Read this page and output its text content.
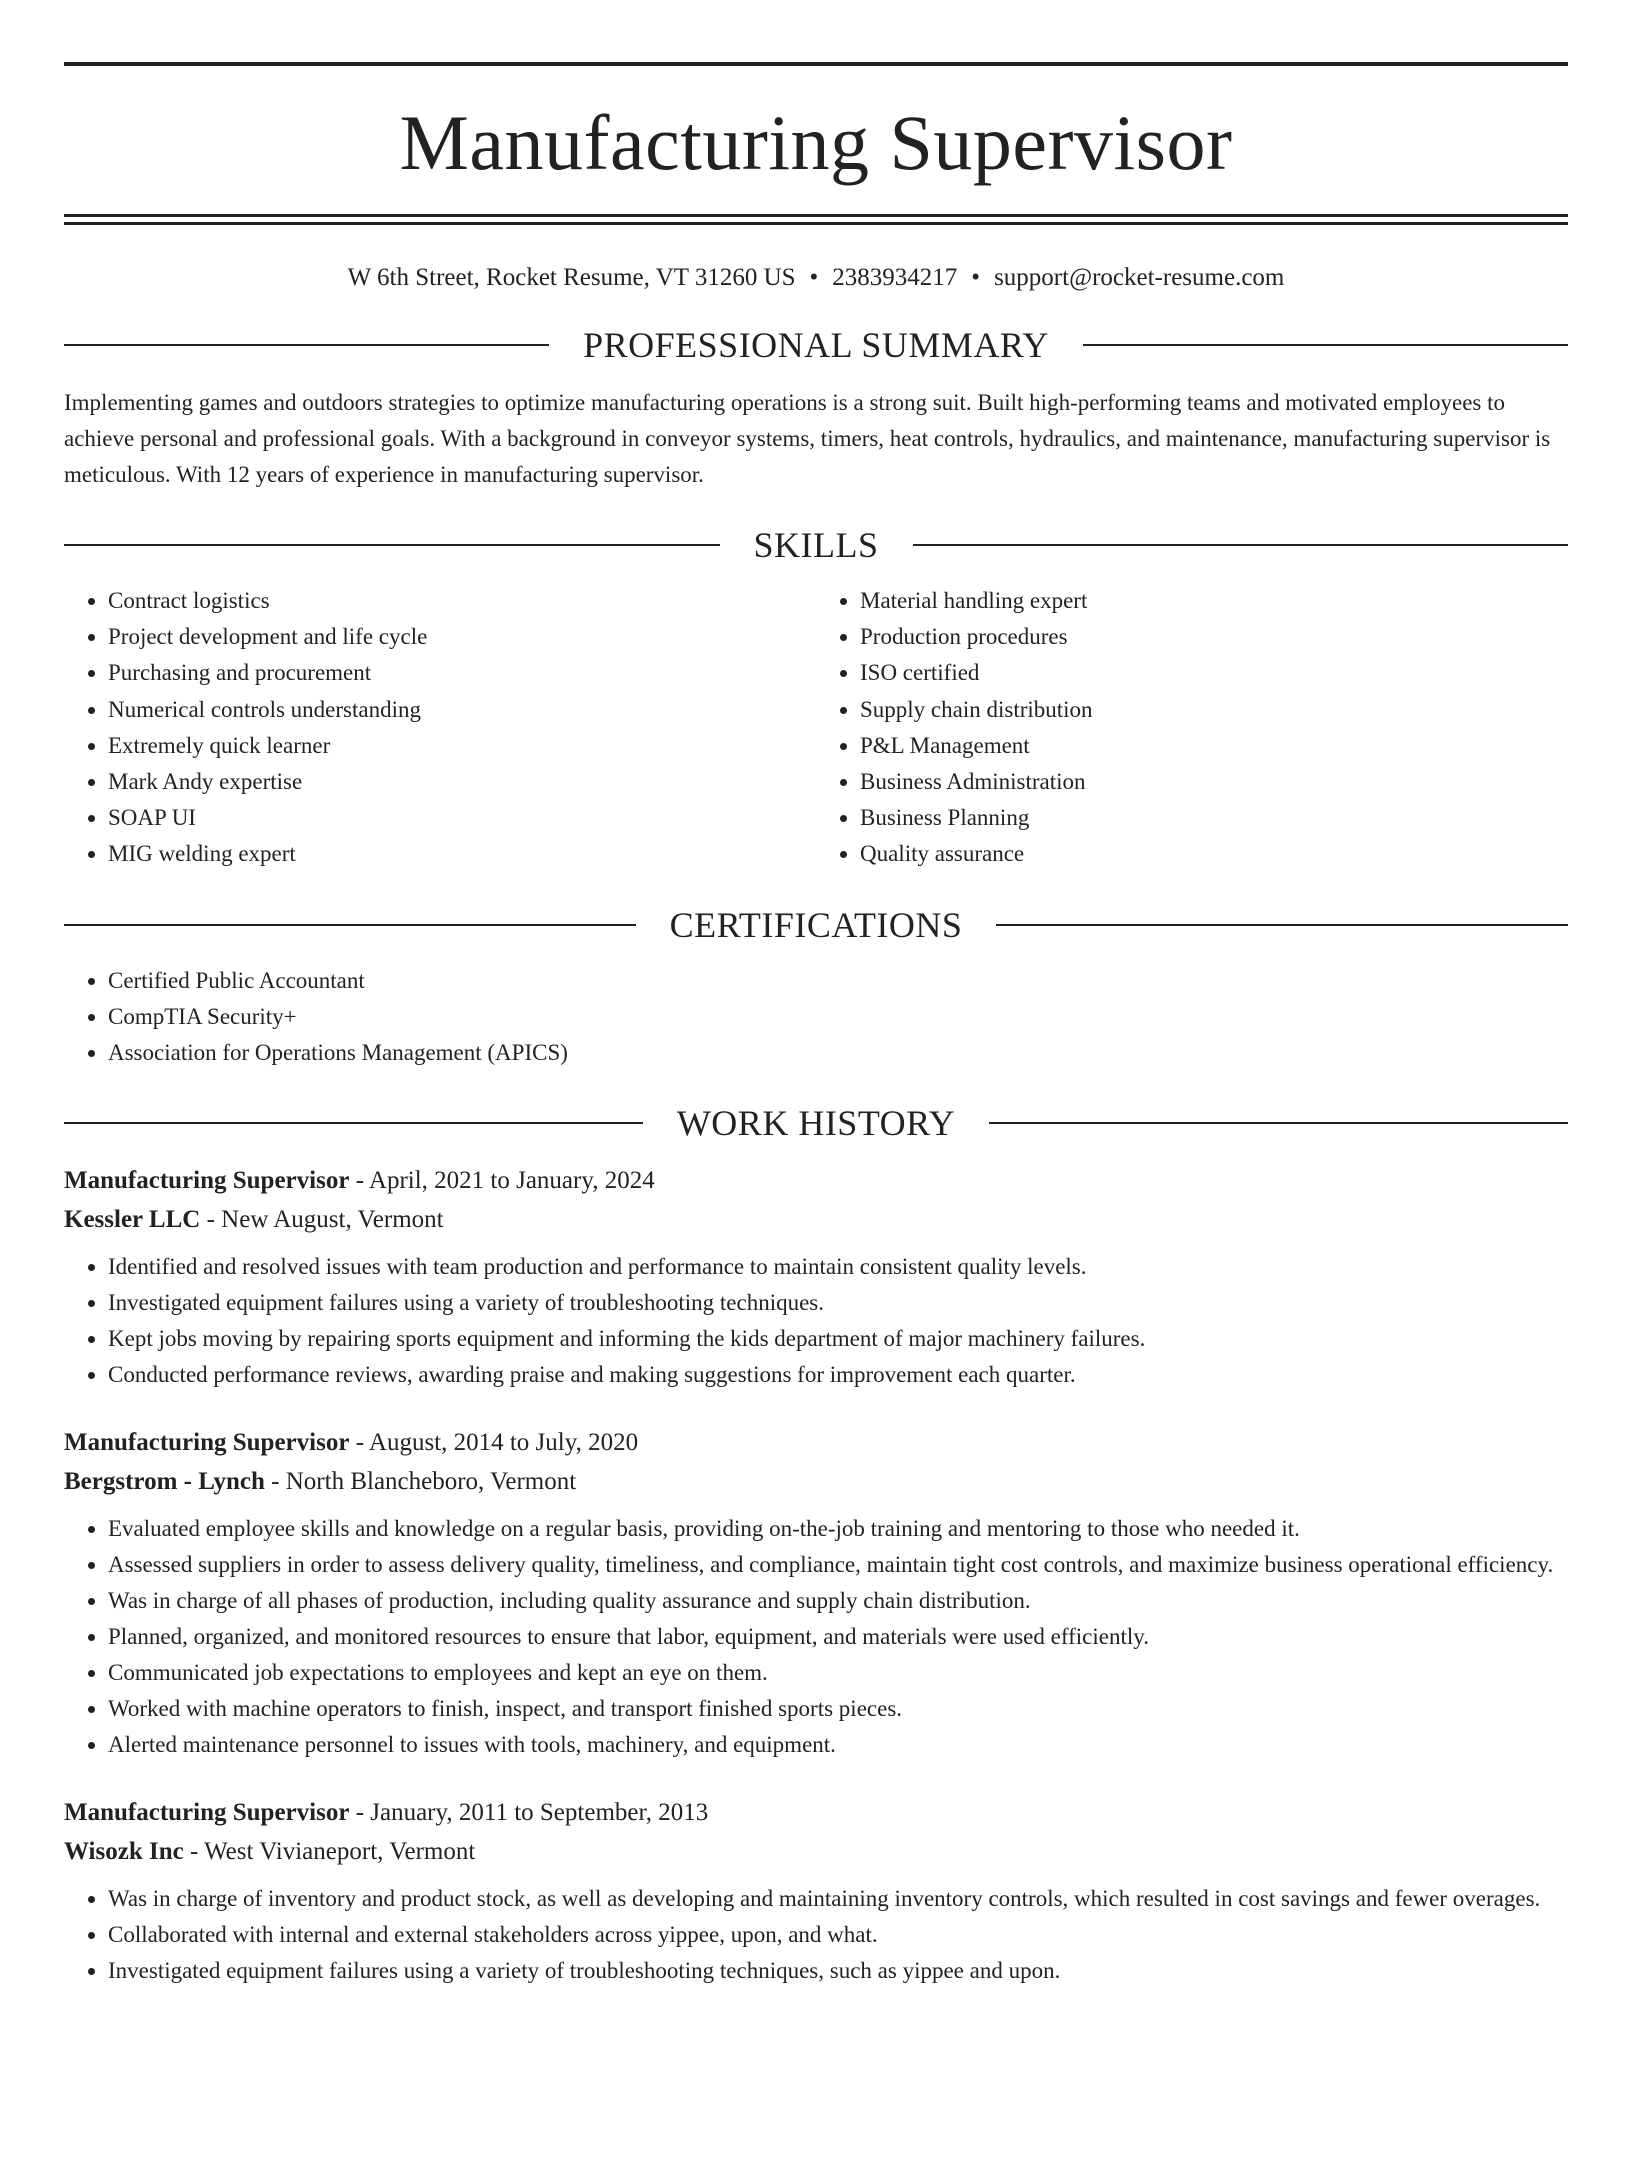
Manufacturing Supervisor
W 6th Street, Rocket Resume, VT 31260 US • 2383934217 • support@rocket-resume.com
PROFESSIONAL SUMMARY

Implementing games and outdoors strategies to optimize manufacturing operations is a strong suit. Built high-performing teams and motivated employees to achieve personal and professional goals. With a background in conveyor systems, timers, heat controls, hydraulics, and maintenance, manufacturing supervisor is meticulous. With 12 years of experience in manufacturing supervisor.

SKILLS
• Contract logistics
• Project development and life cycle
• Purchasing and procurement
• Numerical controls understanding
• Extremely quick learner
• Mark Andy expertise
• SOAP UI
• MIG welding expert
• Material handling expert
• Production procedures
• ISO certified
• Supply chain distribution
• P&L Management
• Business Administration
• Business Planning
• Quality assurance
CERTIFICATIONS
• Certified Public Accountant
• CompTIA Security+
• Association for Operations Management (APICS)
WORK HISTORY
Manufacturing Supervisor - April, 2021 to January, 2024
Kessler LLC - New August, Vermont
• Identified and resolved issues with team production and performance to maintain consistent quality levels.
• Investigated equipment failures using a variety of troubleshooting techniques.
• Kept jobs moving by repairing sports equipment and informing the kids department of major machinery failures.
• Conducted performance reviews, awarding praise and making suggestions for improvement each quarter.
Manufacturing Supervisor - August, 2014 to July, 2020
Bergstrom - Lynch - North Blancheboro, Vermont
• Evaluated employee skills and knowledge on a regular basis, providing on-the-job training and mentoring to those who needed it.
• Assessed suppliers in order to assess delivery quality, timeliness, and compliance, maintain tight cost controls, and maximize business operational efficiency.
• Was in charge of all phases of production, including quality assurance and supply chain distribution.
• Planned, organized, and monitored resources to ensure that labor, equipment, and materials were used efficiently.
• Communicated job expectations to employees and kept an eye on them.
• Worked with machine operators to finish, inspect, and transport finished sports pieces.
• Alerted maintenance personnel to issues with tools, machinery, and equipment.
Manufacturing Supervisor - January, 2011 to September, 2013
Wisozk Inc - West Vivianeport, Vermont
• Was in charge of inventory and product stock, as well as developing and maintaining inventory controls, which resulted in cost savings and fewer overages.
• Collaborated with internal and external stakeholders across yippee, upon, and what.
• Investigated equipment failures using a variety of troubleshooting techniques, such as yippee and upon.
